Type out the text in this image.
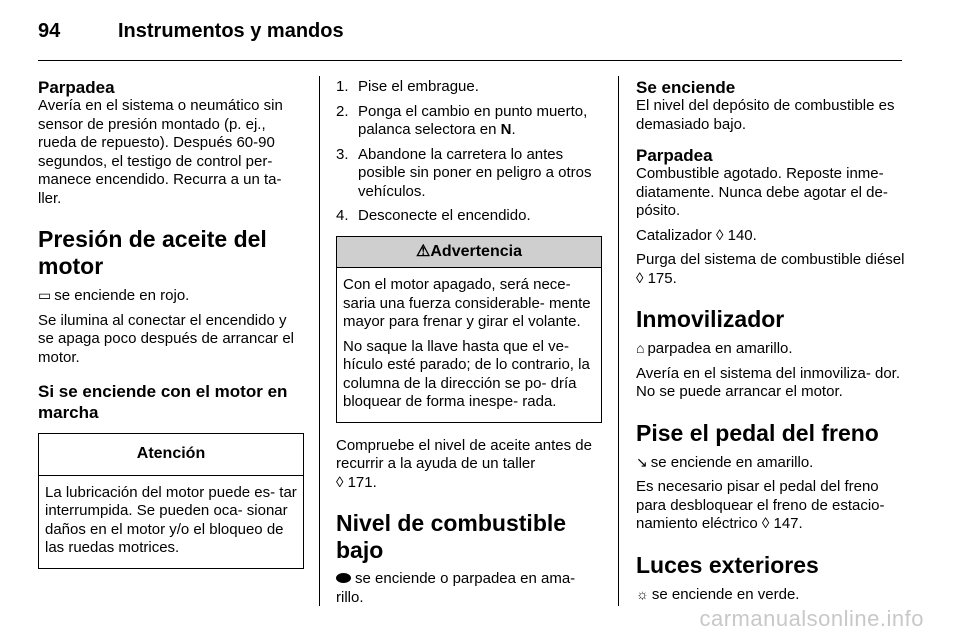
94	Instrumentos y mandos
Parpadea

Avería en el sistema o neumático sin sensor de presión montado (p. ej., rueda de repuesto). Después 60-90 segundos, el testigo de control per- manece encendido. Recurra a un ta- ller.

Presión de aceite del motor

▭ se enciende en rojo.

Se ilumina al conectar el encendido y se apaga poco después de arrancar el motor.

Si se enciende con el motor en marcha
Atención

La lubricación del motor puede es- tar interrumpida. Se pueden oca- sionar daños en el motor y/o el bloqueo de las ruedas motrices.

1. Pise el embrague.
2. Ponga el cambio en punto muerto, palanca selectora en N.
3. Abandone la carretera lo antes posible sin poner en peligro a otros vehículos.
4. Desconecte el encendido.
⚠Advertencia

Con el motor apagado, será nece- saria una fuerza considerable- mente mayor para frenar y girar el volante.

No saque la llave hasta que el ve- hículo esté parado; de lo contrario, la columna de la dirección se po- dría bloquear de forma inespe- rada.

Compruebe el nivel de aceite antes de recurrir a la ayuda de un taller
◊ 171.

Nivel de combustible bajo

se enciende o parpadea en ama- rillo.

Se enciende

El nivel del depósito de combustible es demasiado bajo.

Parpadea

Combustible agotado. Reposte inme- diatamente. Nunca debe agotar el de- pósito.

Catalizador ◊ 140.

Purga del sistema de combustible diésel ◊ 175.

Inmovilizador

⌂ parpadea en amarillo.

Avería en el sistema del inmoviliza- dor. No se puede arrancar el motor.

Pise el pedal del freno

↘ se enciende en amarillo.

Es necesario pisar el pedal del freno para desbloquear el freno de estacio- namiento eléctrico ◊ 147.

Luces exteriores

☼ se enciende en verde.

carmanualsonline.info
